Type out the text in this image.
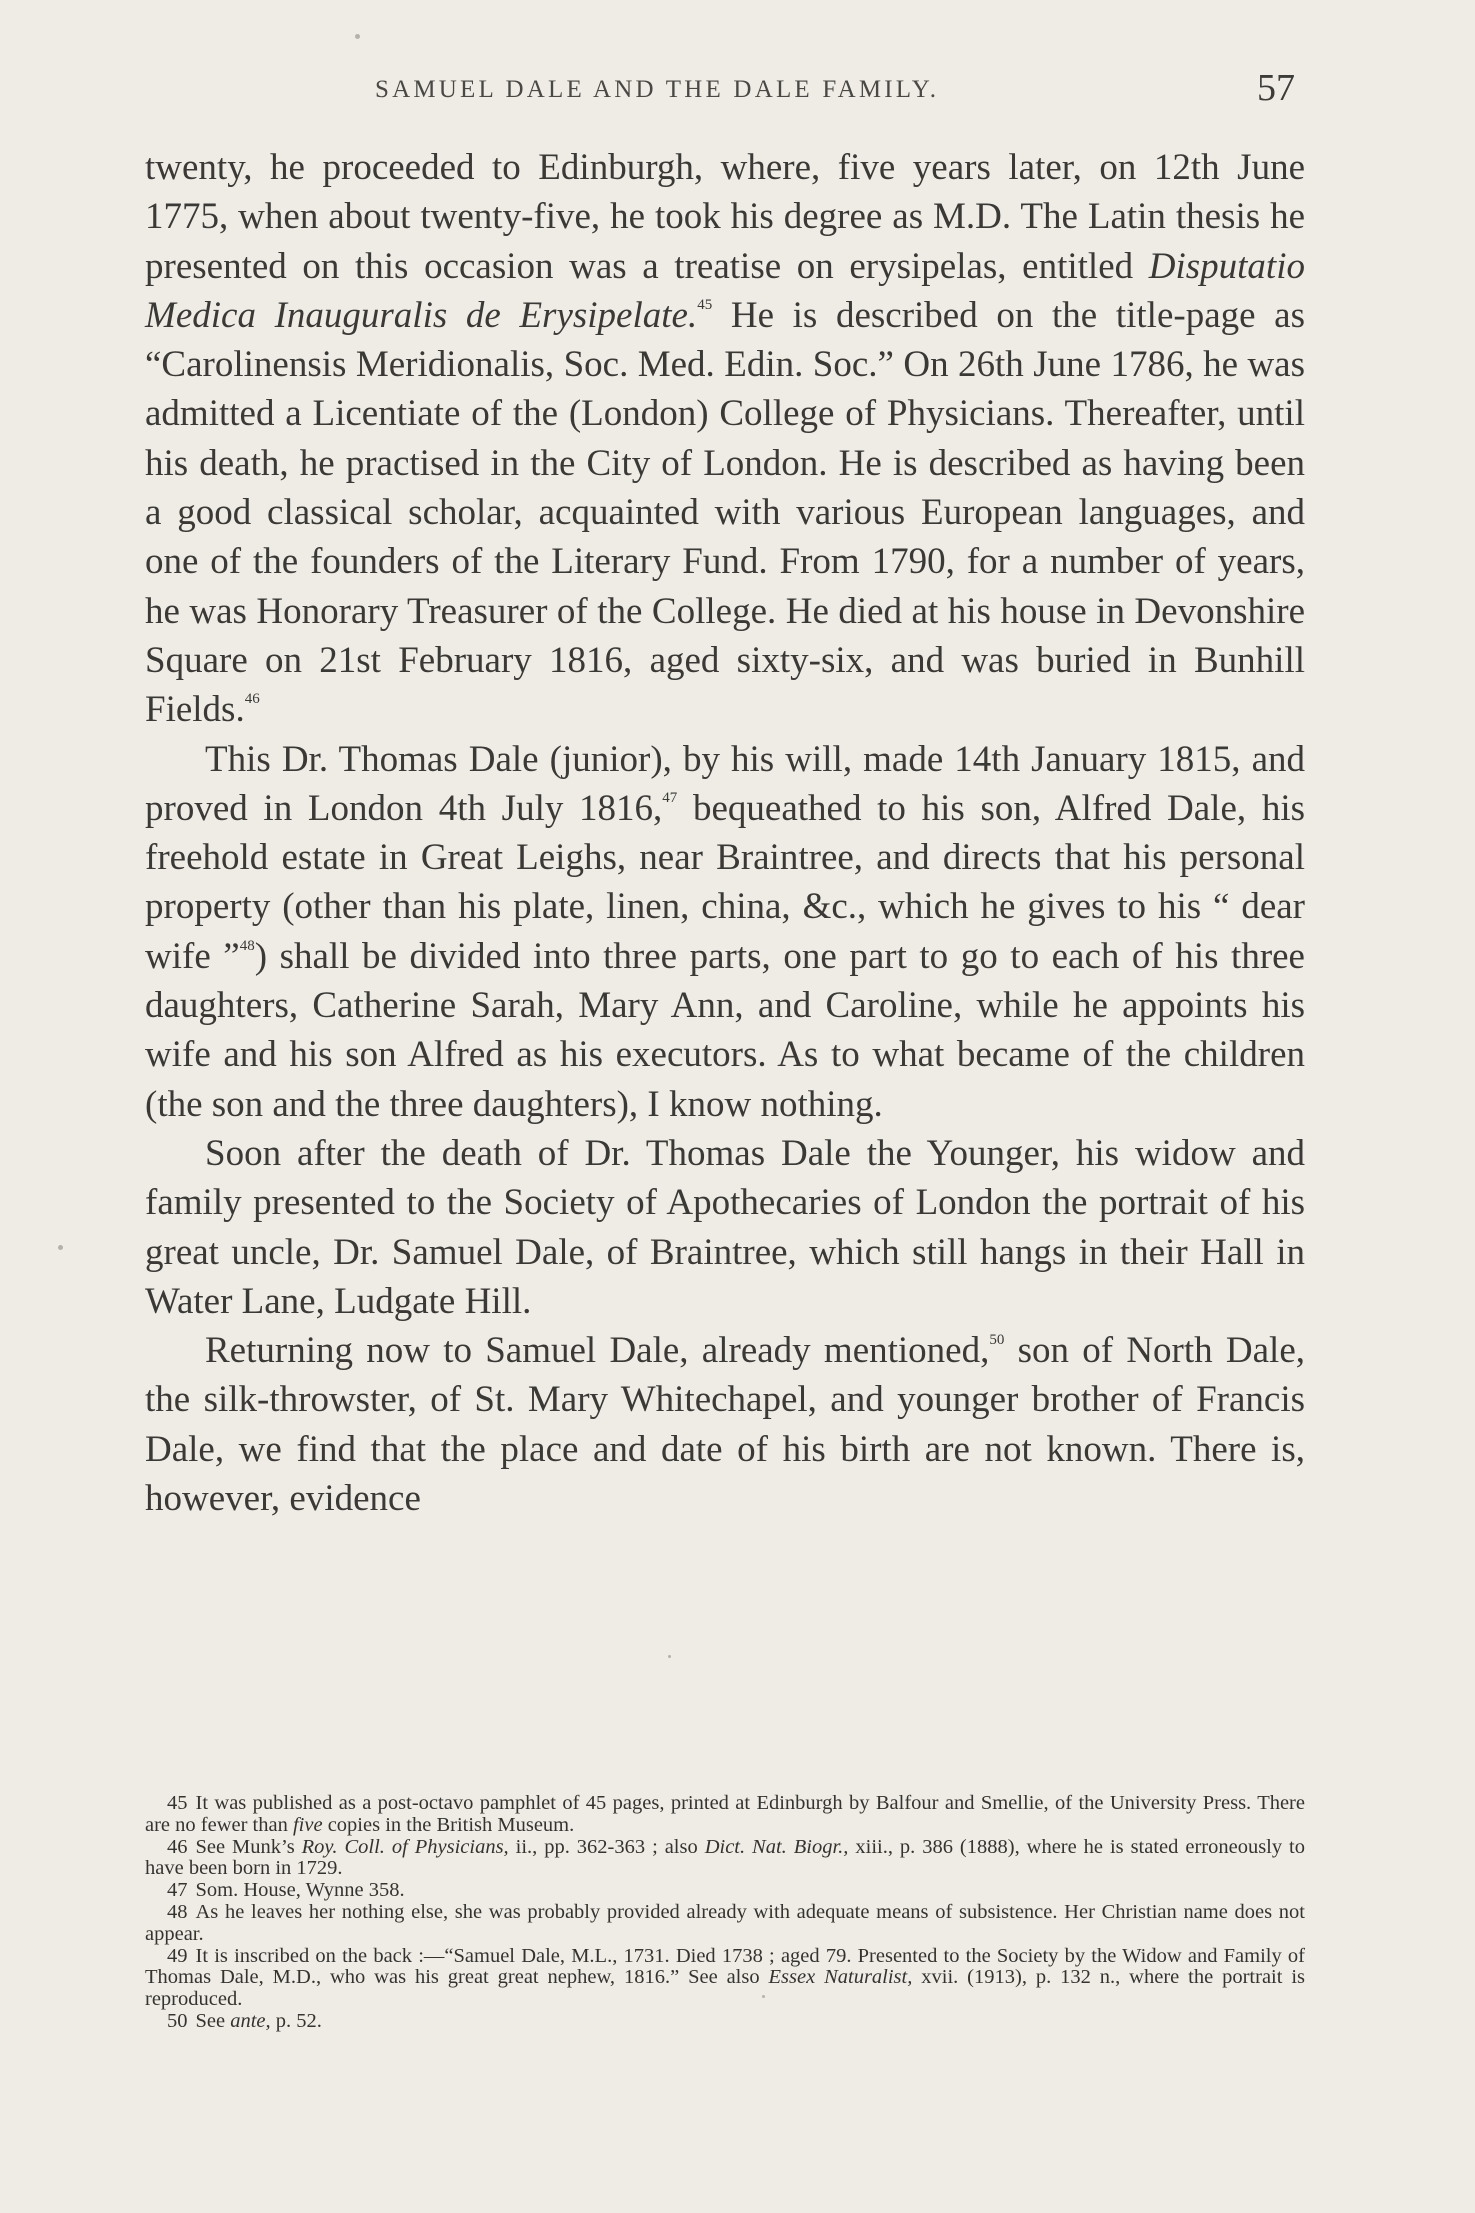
SAMUEL DALE AND THE DALE FAMILY.	57

twenty, he proceeded to Edinburgh, where, five years later, on 12th June 1775, when about twenty-five, he took his degree as M.D. The Latin thesis he presented on this occasion was a treatise on erysipelas, entitled Disputatio Medica Inauguralis de Erysipelate.$^{45}$ He is described on the title-page as “Carolinensis Meridionalis, Soc. Med. Edin. Soc.” On 26th June 1786, he was admitted a Licentiate of the (London) College of Physicians. Thereafter, until his death, he practised in the City of London. He is described as having been a good classical scholar, acquainted with various European languages, and one of the founders of the Literary Fund. From 1790, for a number of years, he was Honorary Treasurer of the College. He died at his house in Devonshire Square on 21st February 1816, aged sixty-six, and was buried in Bunhill Fields.$^{46}$

This Dr. Thomas Dale (junior), by his will, made 14th January 1815, and proved in London 4th July 1816,47 bequeathed to his son, Alfred Dale, his freehold estate in Great Leighs, near Braintree, and directs that his personal property (other than his plate, linen, china, &c., which he gives to his “ dear wife ”$^{48}$) shall be divided into three parts, one part to go to each of his three daughters, Catherine Sarah, Mary Ann, and Caroline, while he appoints his wife and his son Alfred as his executors. As to what became of the children (the son and the three daughters), I know nothing.

Soon after the death of Dr. Thomas Dale the Younger, his widow and family presented to the Society of Apothecaries of London the portrait of his great uncle, Dr. Samuel Dale, of Braintree, which still hangs in their Hall in Water Lane, Ludgate Hill.

Returning now to Samuel Dale, already mentioned,$^{50}$ son of North Dale, the silk-throwster, of St. Mary Whitechapel, and younger brother of Francis Dale, we find that the place and date of his birth are not known. There is, however, evidence

45 It was published as a post-octavo pamphlet of 45 pages, printed at Edinburgh by Balfour and Smellie, of the University Press. There are no fewer than five copies in the British Museum.

46 See Munk’s Roy. Coll. of Physicians, ii., pp. 362-363 ; also Dict. Nat. Biogr., xiii., p. 386 (1888), where he is stated erroneously to have been born in 1729.

47 Som. House, Wynne 358.

48 As he leaves her nothing else, she was probably provided already with adequate means of subsistence. Her Christian name does not appear.

49 It is inscribed on the back :—“Samuel Dale, M.L., 1731. Died 1738 ; aged 79. Presented to the Society by the Widow and Family of Thomas Dale, M.D., who was his great great nephew, 1816.” See also Essex Naturalist, xvii. (1913), p. 132 n., where the portrait is reproduced.

50 See ante, p. 52.
